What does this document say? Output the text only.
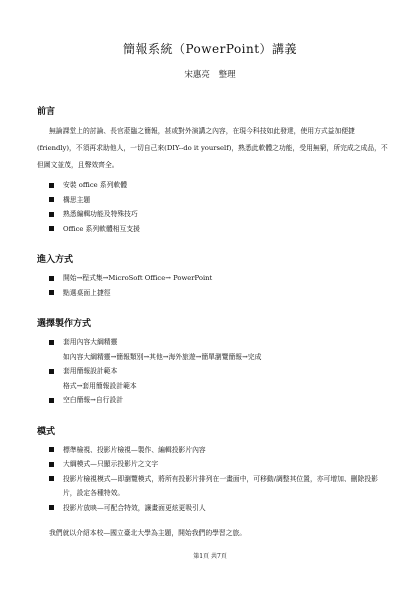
簡報系統（PowerPoint）講義
宋惠亮 整理
前言

無論課堂上的討論、長官蒞臨之簡報，甚或對外演講之內容，在現今科技如此發達，使用方式益加便捷(friendly)，不須再求助他人，一切自己來(DIY--do it yourself)，熟悉此軟體之功能，受用無窮，所完成之成品，不但圖文並茂，且聲效齊全。

安裝 office 系列軟體
構思主題
熟悉編輯功能及特殊技巧
Office 系列軟體相互支援
進入方式
開始→程式集→MicroSoft Office→ PowerPoint
點選桌面上捷徑
選擇製作方式
套用內容大綱精靈
如內容大綱精靈→簡報類別→其他→海外旅遊→簡單瀏覽簡報→完成
套用簡報設計範本
格式→套用簡報設計範本
空白簡報→自行設計
模式
標準檢視、投影片檢視—製作、編輯投影片內容
大綱模式—只顯示投影片之文字
投影片檢視模式—即瀏覽模式，將所有投影片排列在一畫面中，可移動/調整其位置，亦可增加、刪除投影片，設定各種特效。
投影片放映—可配合特效，讓畫面更炫更吸引人
我們就以介紹本校—國立臺北大學為主題，開始我們的學習之旅。
第1頁 共7頁
